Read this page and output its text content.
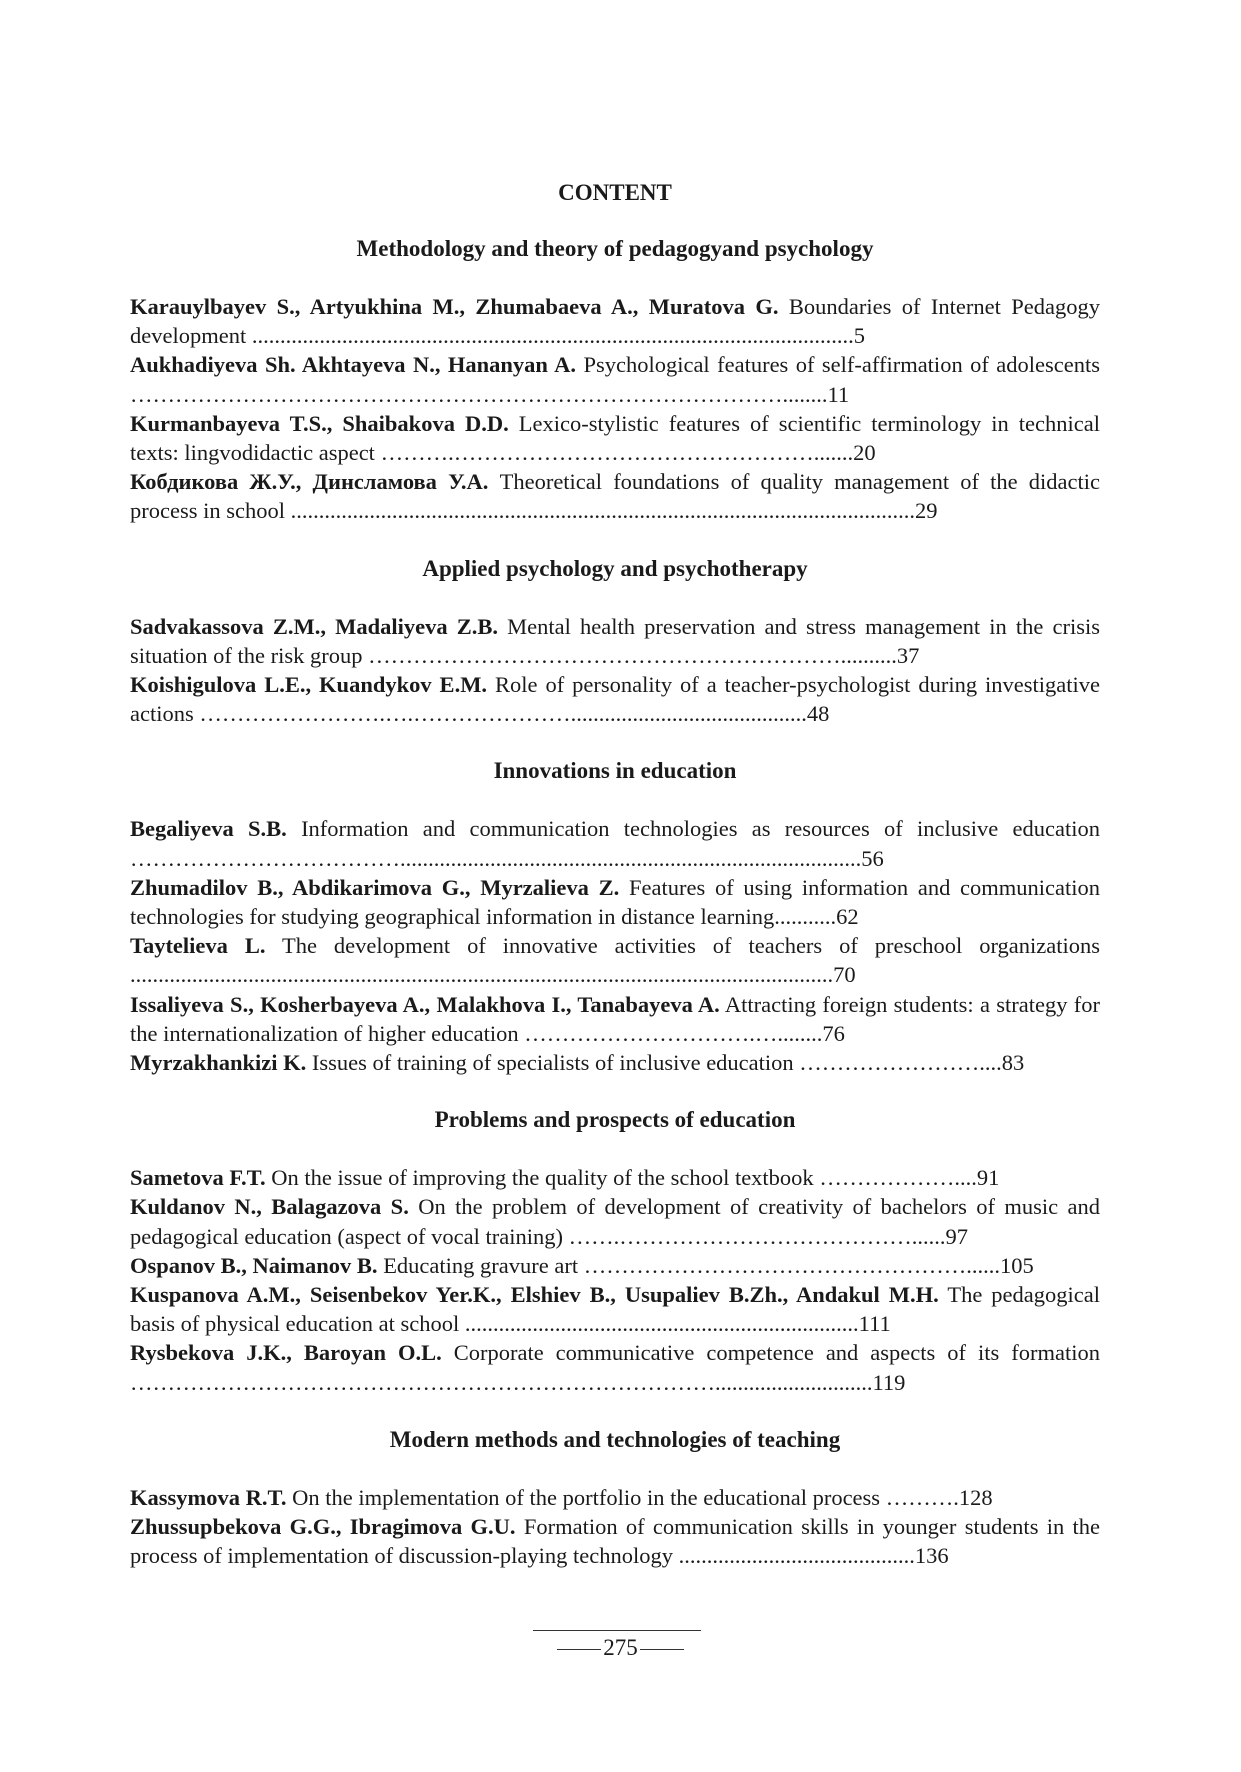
CONTENT
Methodology and theory of pedagogyand psychology
Karauylbayev S., Artyukhina M., Zhumabaeva A., Muratova G. Boundaries of Internet Pedagogy development ...........................................................................................................5
Aukhadiyeva Sh. Akhtayeva N., Hananyan A. Psychological features of self-affirmation of adolescents ……………………………………………………………………………........11
Kurmanbayeva T.S., Shaibakova D.D. Lexico-stylistic features of scientific terminology in technical texts: lingvodidactic aspect ……….………………………………………….......20
Кобдикова Ж.У., Динсламова У.А. Theoretical foundations of quality management of the didactic process in school ...............................................................................................................29
Applied psychology and psychotherapy
Sadvakassova Z.M., Madaliyeva Z.B. Mental health preservation and stress management in the crisis situation of the risk group ………………………………………………………..........37
Koishigulova L.E., Kuandykov E.M. Role of personality of a teacher-psychologist during investigative actions …………………….….…………………..........................................48
Innovations in education
Begaliyeva S.B. Information and communication technologies as resources of inclusive education ………………………………..................................................................................56
Zhumadilov B., Abdikarimova G., Myrzalieva Z. Features of using information and communication technologies for studying geographical information in distance learning...........62
Taytelieva L. The development of innovative activities of teachers of preschool organizations .............................................................................................................................70
Issaliyeva S., Kosherbayeva A., Malakhova I., Tanabayeva A. Attracting foreign students: a strategy for the internationalization of higher education ………………………….…........76
Myrzakhankizi K. Issues of training of specialists of inclusive education ……………………....83
Problems and prospects of education
Sametova F.T. On the issue of improving the quality of the school textbook ………………....91
Kuldanov N., Balagazova S. On the problem of development of creativity of bachelors of music and pedagogical education (aspect of vocal training) …….…………………………………......97
Ospanov B., Naimanov B. Educating gravure art ……………………………………………......105
Kuspanova A.M., Seisenbekov Yer.K., Elshiev B., Usupaliev B.Zh., Andakul M.H. The pedagogical basis of physical education at school ......................................................................111
Rysbekova J.K., Baroyan O.L. Corporate communicative competence and aspects of its formation ……………………………………………………………………............................119
Modern methods and technologies of teaching
Kassymova R.T. On the implementation of the portfolio in the educational process ……….128
Zhussupbekova G.G., Ibragimova G.U. Formation of communication skills in younger students in the process of implementation of discussion-playing technology ..........................................136
275
